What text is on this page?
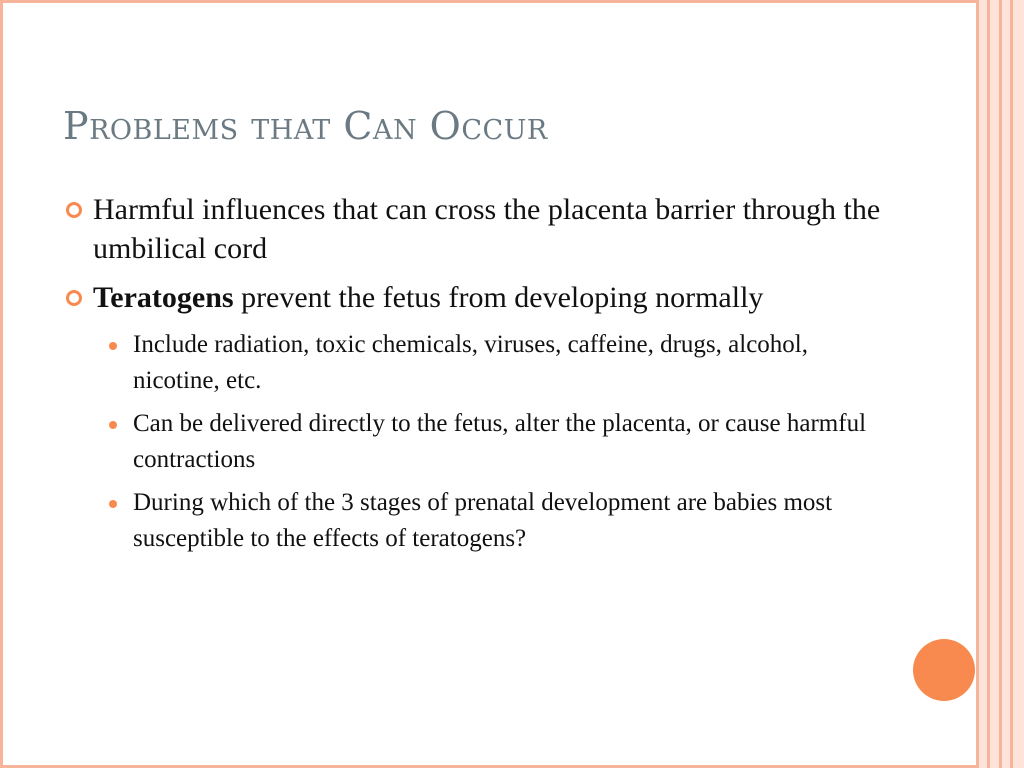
Problems that Can Occur
Harmful influences that can cross the placenta barrier through the umbilical cord
Teratogens prevent the fetus from developing normally
Include radiation, toxic chemicals, viruses, caffeine, drugs, alcohol, nicotine, etc.
Can be delivered directly to the fetus, alter the placenta, or cause harmful contractions
During which of the 3 stages of prenatal development are babies most susceptible to the effects of teratogens?
